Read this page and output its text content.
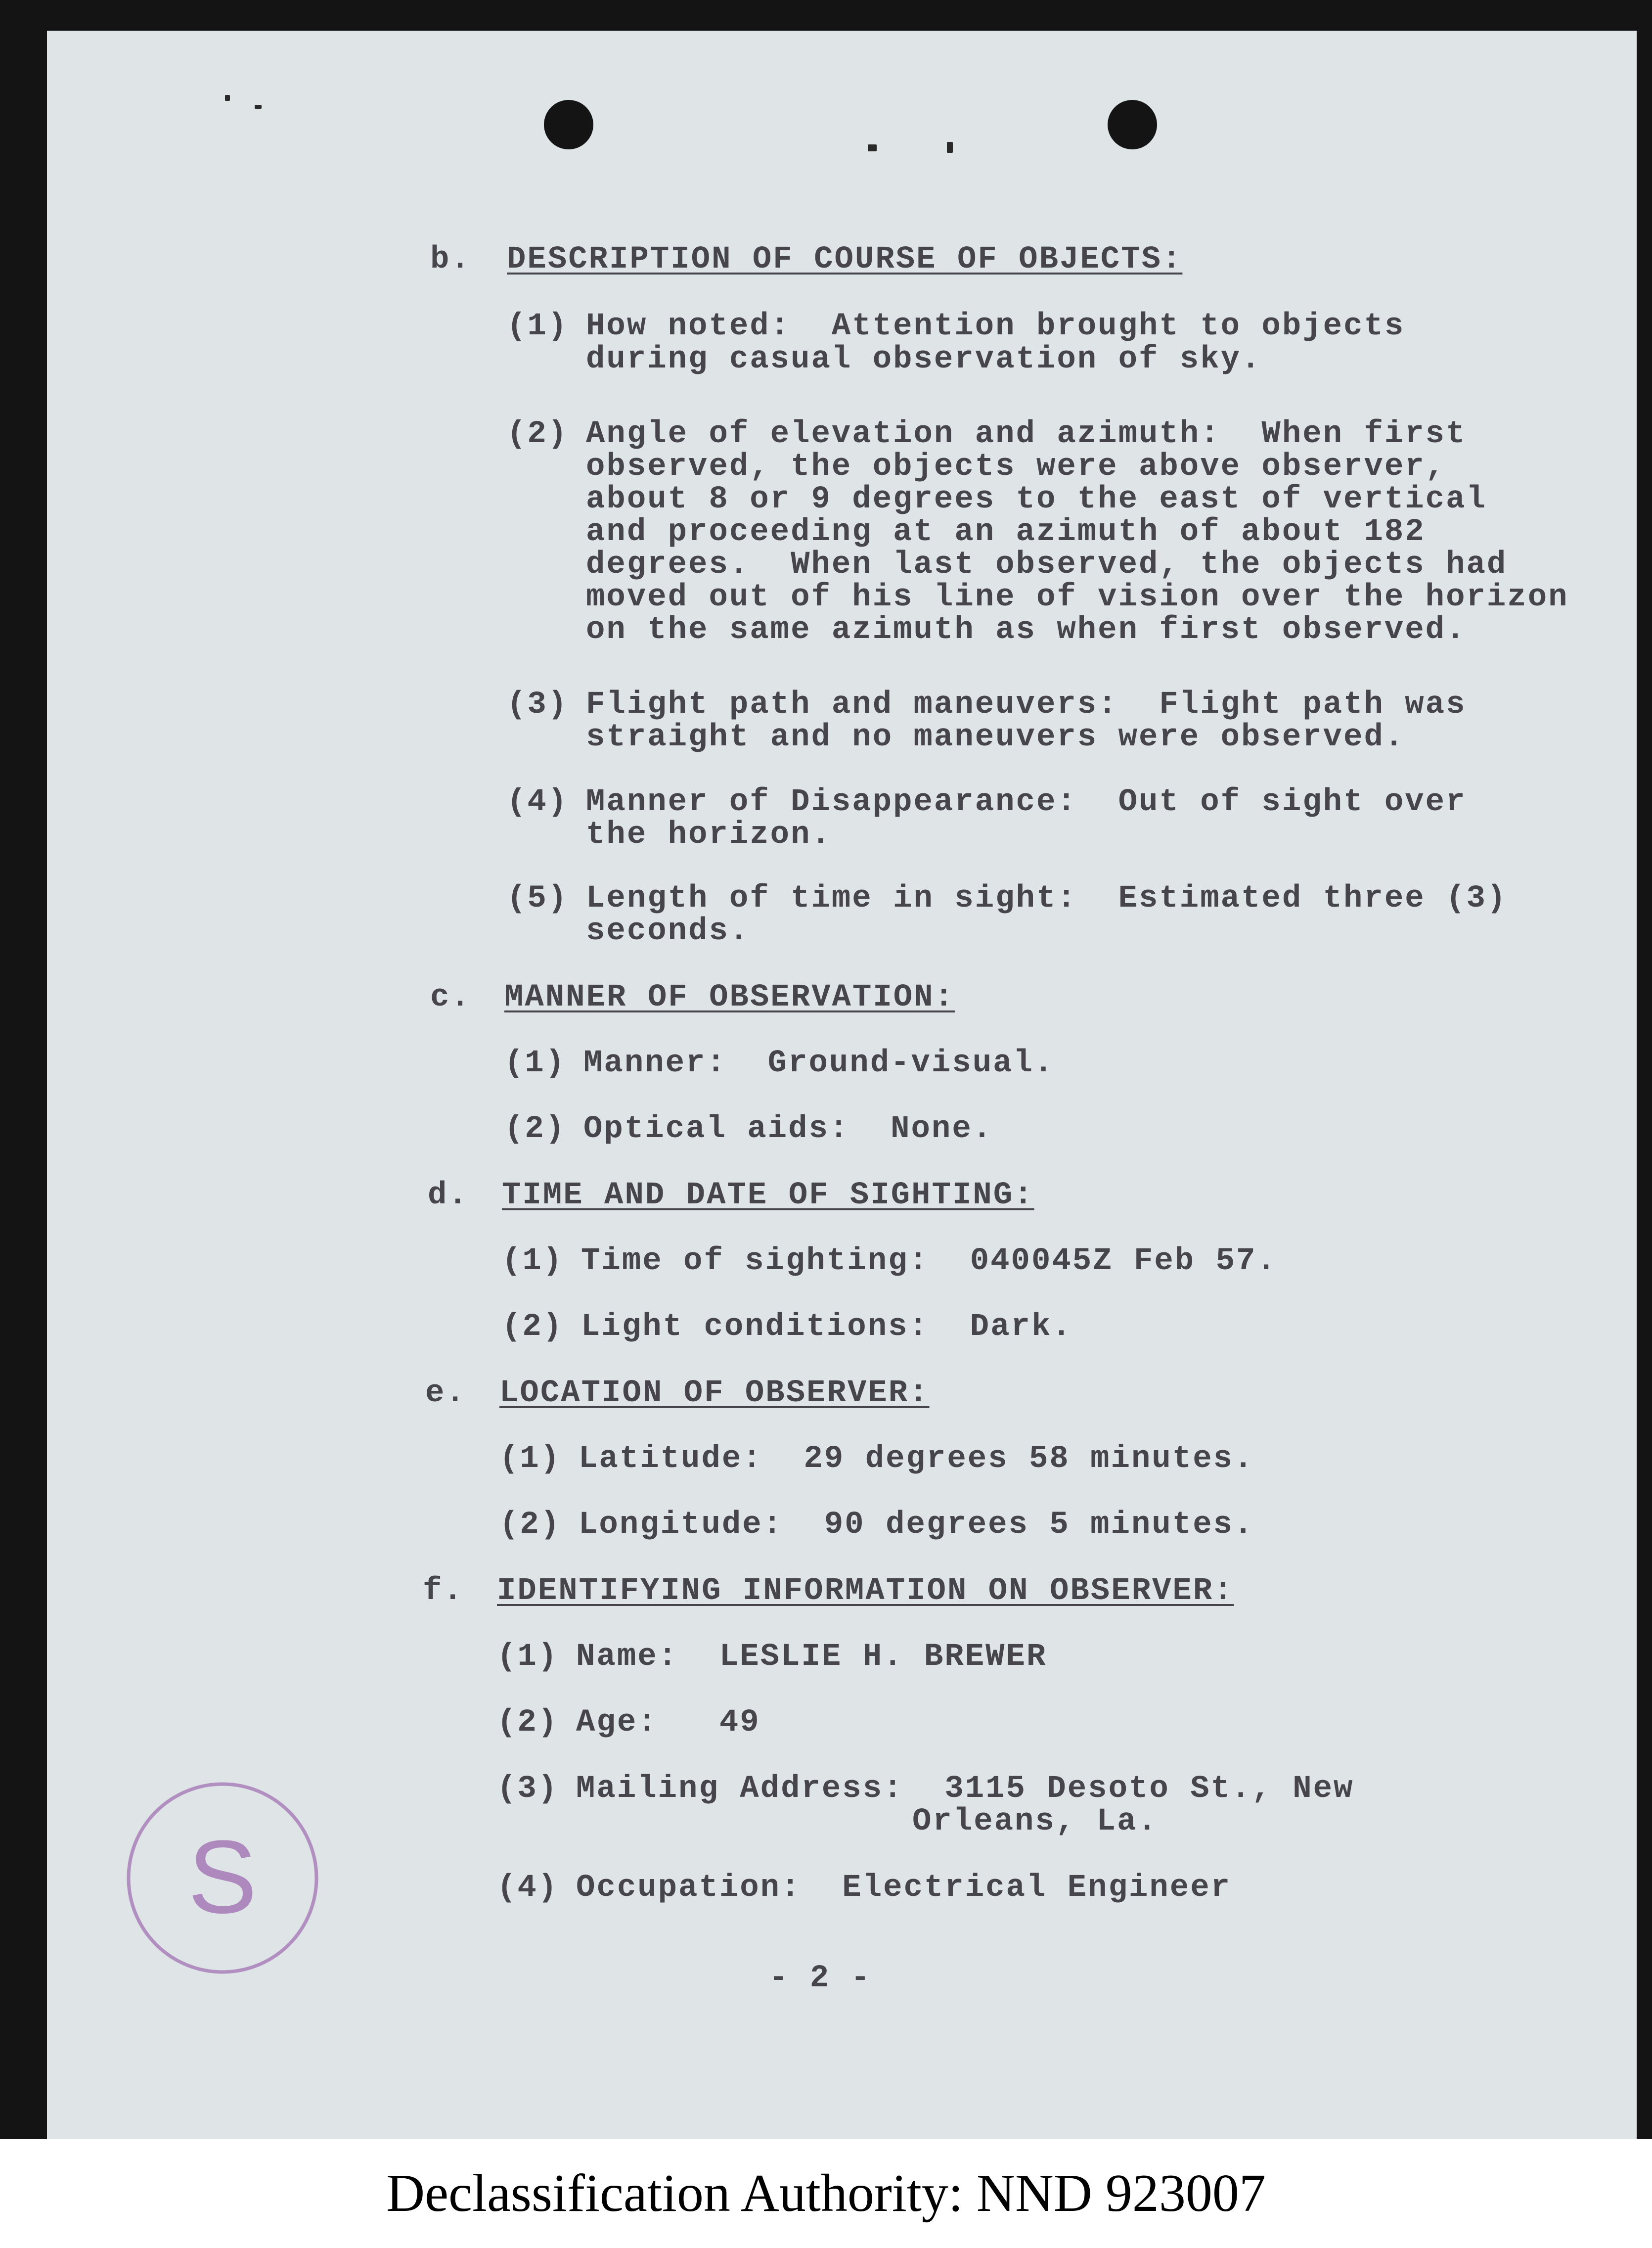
b. DESCRIPTION OF COURSE OF OBJECTS:
(1) How noted:  Attention brought to objects
during casual observation of sky.
(2) Angle of elevation and azimuth:  When first
observed, the objects were above observer,
about 8 or 9 degrees to the east of vertical
and proceeding at an azimuth of about 182
degrees.  When last observed, the objects had
moved out of his line of vision over the horizon
on the same azimuth as when first observed.
(3) Flight path and maneuvers:  Flight path was
straight and no maneuvers were observed.
(4) Manner of Disappearance:  Out of sight over
the horizon.
(5) Length of time in sight:  Estimated three (3)
seconds.
c. MANNER OF OBSERVATION:
(1) Manner:  Ground-visual.
(2) Optical aids:  None.
d. TIME AND DATE OF SIGHTING:
(1) Time of sighting:  040045Z Feb 57.
(2) Light conditions:  Dark.
e. LOCATION OF OBSERVER:
(1) Latitude:  29 degrees 58 minutes.
(2) Longitude:  90 degrees 5 minutes.
f. IDENTIFYING INFORMATION ON OBSERVER:
(1) Name:  LESLIE H. BREWER
(2) Age:   49
(3) Mailing Address:  3115 Desoto St., New
Orleans, La.
(4) Occupation:  Electrical Engineer
- 2 -
S
Declassification Authority: NND 923007
